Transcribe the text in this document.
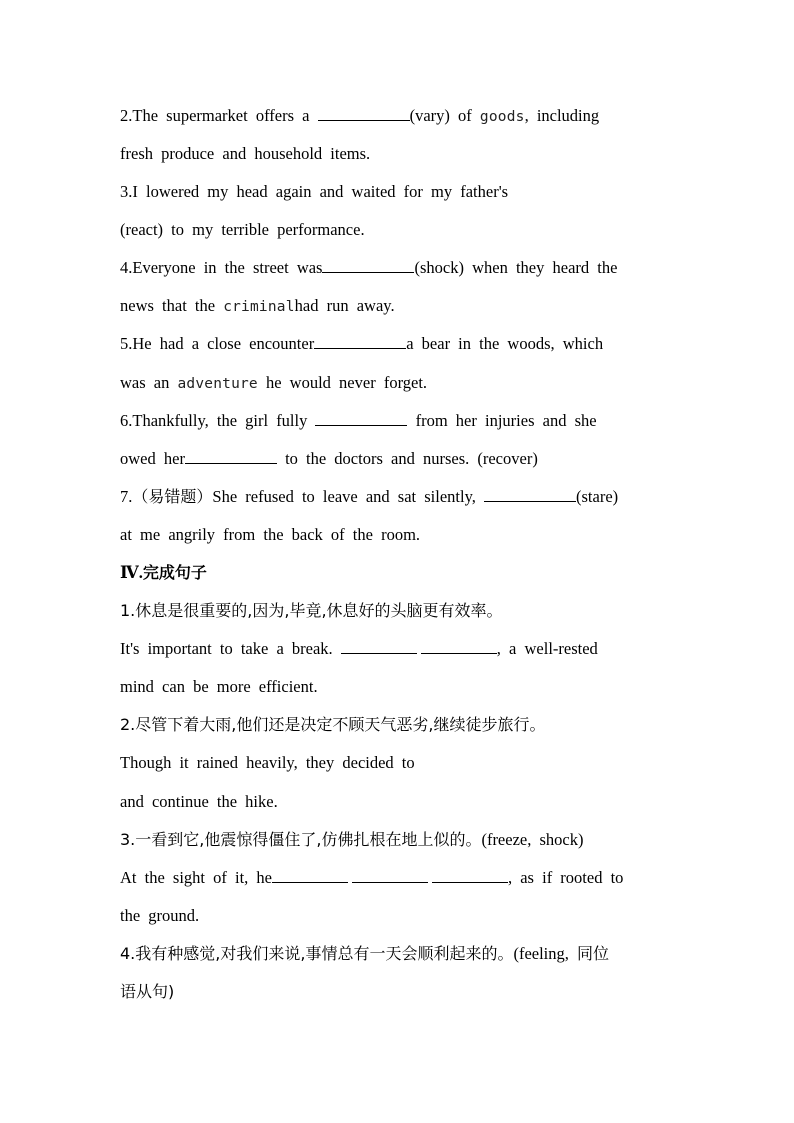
2.The supermarket offers a	(vary) of goods, including
fresh produce and household items.
3.I lowered my head again and waited for my father's
(react) to my terrible performance.
4.Everyone in the street was	(shock) when they heard the
news that the criminalhad run away.
5.He had a close encounter	a bear in the woods, which
was an adventure he would never forget.
6.Thankfully, the girl fully	from her injuries and she
owed her	to the doctors and nurses. (recover)
7.（易错题）She refused to leave and sat silently,	(stare)
at me angrily from the back of the room.
Ⅳ.完成句子
1.休息是很重要的,因为,毕竟,休息好的头脑更有效率。
It's important to take a break.	, a well-rested
mind can be more efficient.
2.尽管下着大雨,他们还是决定不顾天气恶劣,继续徒步旅行。
Though it rained heavily, they decided to
and continue the hike.
3.一看到它,他震惊得僵住了,仿佛扎根在地上似的。(freeze, shock)
At the sight of it, he	, as if rooted to
the ground.
4.我有种感觉,对我们来说,事情总有一天会顺利起来的。(feeling, 同位
语从句)
